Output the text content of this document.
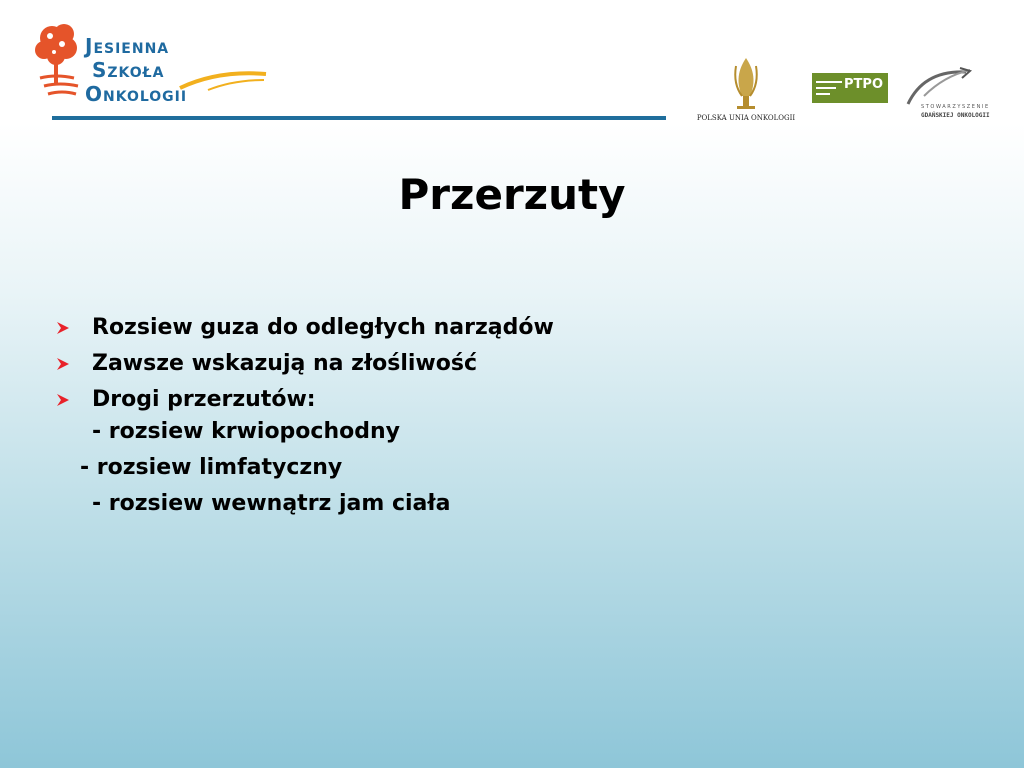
Jesienna
Szkoła
Onkologii
POLSKA UNIA ONKOLOGII
PTPO
STOWARZYSZENIE
GDAŃSKIEJ ONKOLOGII
Przerzuty
Rozsiew guza do odległych narządów
Zawsze wskazują na złośliwość
Drogi przerzutów:
- rozsiew krwiopochodny
- rozsiew limfatyczny
- rozsiew wewnątrz jam ciała
